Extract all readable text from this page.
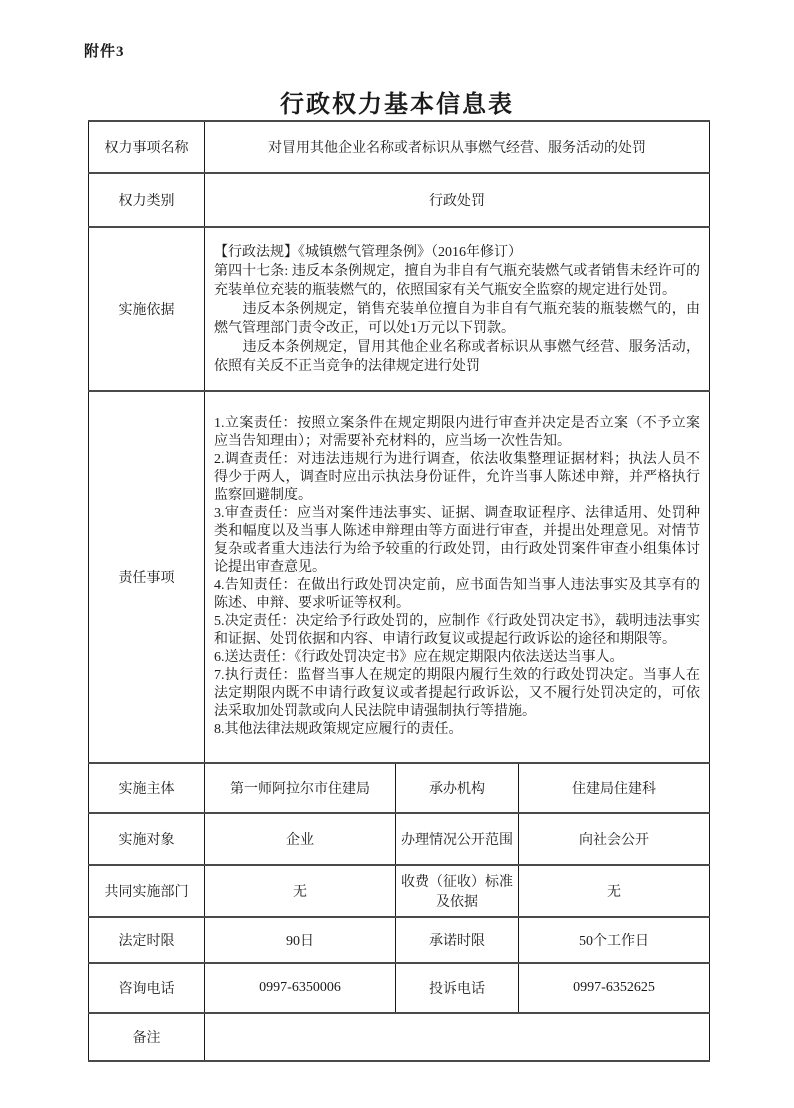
附件3
行政权力基本信息表
权力事项名称	对冒用其他企业名称或者标识从事燃气经营、服务活动的处罚		
权力类别	行政处罚		
实施依据	【行政法规】《城镇燃气管理条例》（2016年修订）
第四十七条: 违反本条例规定，擅自为非自有气瓶充装燃气或者销售未经许可的充装单位充装的瓶装燃气的，依照国家有关气瓶安全监察的规定进行处罚。
　　违反本条例规定，销售充装单位擅自为非自有气瓶充装的瓶装燃气的，由燃气管理部门责令改正，可以处1万元以下罚款。
　　违反本条例规定，冒用其他企业名称或者标识从事燃气经营、服务活动，依照有关反不正当竞争的法律规定进行处罚		

责任事项	
1.立案责任：按照立案条件在规定期限内进行审查并决定是否立案（不予立案应当告知理由）；对需要补充材料的，应当场一次性告知。
2.调查责任：对违法违规行为进行调查，依法收集整理证据材料；执法人员不得少于两人，调查时应出示执法身份证件，允许当事人陈述申辩，并严格执行监察回避制度。
3.审查责任：应当对案件违法事实、证据、调查取证程序、法律适用、处罚种类和幅度以及当事人陈述申辩理由等方面进行审查，并提出处理意见。对情节复杂或者重大违法行为给予较重的行政处罚，由行政处罚案件审查小组集体讨论提出审查意见。
4.告知责任：在做出行政处罚决定前，应书面告知当事人违法事实及其享有的陈述、申辩、要求听证等权利。
5.决定责任：决定给予行政处罚的，应制作《行政处罚决定书》，载明违法事实和证据、处罚依据和内容、申请行政复议或提起行政诉讼的途径和期限等。
6.送达责任：《行政处罚决定书》应在规定期限内依法送达当事人。
7.执行责任：监督当事人在规定的期限内履行生效的行政处罚决定。当事人在法定期限内既不申请行政复议或者提起行政诉讼，又不履行处罚决定的，可依法采取加处罚款或向人民法院申请强制执行等措施。
8.其他法律法规政策规定应履行的责任。

实施主体	第一师阿拉尔市住建局	承办机构	住建局住建科
实施对象	企业	办理情况公开范围	向社会公开
共同实施部门	无	收费（征收）标准及依据	无
法定时限	90日	承诺时限	50个工作日
咨询电话	0997-6350006	投诉电话	0997-6352625
备注			
